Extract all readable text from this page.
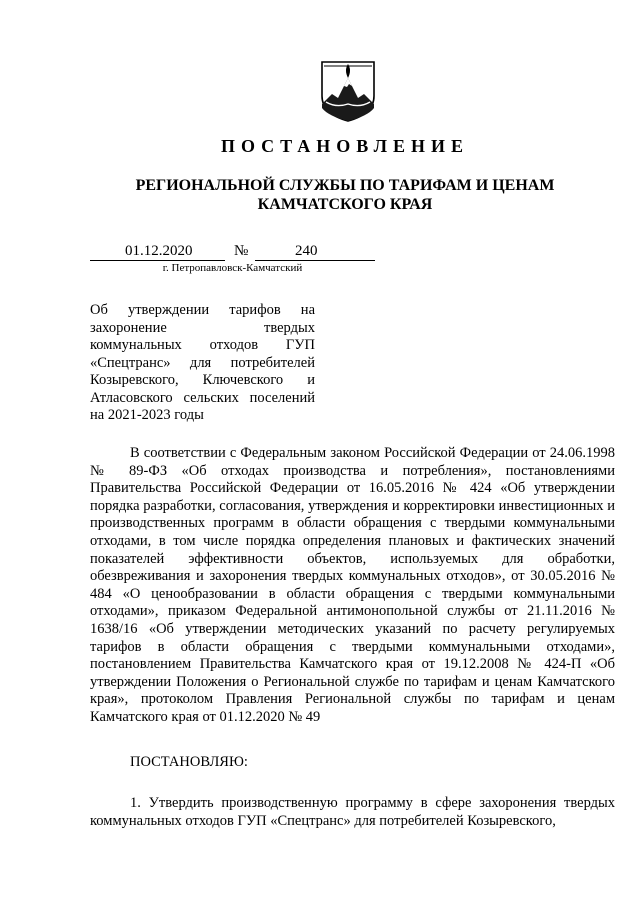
ПОСТАНОВЛЕНИЕ
РЕГИОНАЛЬНОЙ СЛУЖБЫ ПО ТАРИФАМ И ЦЕНАМ
КАМЧАТСКОГО КРАЯ
01.12.2020	№	240
г. Петропавловск-Камчатский
Об утверждении тарифов на захоронение твердых коммунальных отходов ГУП «Спецтранс» для потребителей Козыревского, Ключевского и Атласовского сельских поселений на 2021-2023 годы

В соответствии с Федеральным законом Российской Федерации от 24.06.1998 № 89-ФЗ «Об отходах производства и потребления», постановлениями Правительства Российской Федерации от 16.05.2016 № 424 «Об утверждении порядка разработки, согласования, утверждения и корректировки инвестиционных и производственных программ в области обращения с твердыми коммунальными отходами, в том числе порядка определения плановых и фактических значений показателей эффективности объектов, используемых для обработки, обезвреживания и захоронения твердых коммунальных отходов», от 30.05.2016 № 484 «О ценообразовании в области обращения с твердыми коммунальными отходами», приказом Федеральной антимонопольной службы от 21.11.2016 № 1638/16 «Об утверждении методических указаний по расчету регулируемых тарифов в области обращения с твердыми коммунальными отходами», постановлением Правительства Камчатского края от 19.12.2008 № 424-П «Об утверждении Положения о Региональной службе по тарифам и ценам Камчатского края», протоколом Правления Региональной службы по тарифам и ценам Камчатского края от 01.12.2020 № 49

ПОСТАНОВЛЯЮ:

1. Утвердить производственную программу в сфере захоронения твердых коммунальных отходов ГУП «Спецтранс» для потребителей Козыревского,
